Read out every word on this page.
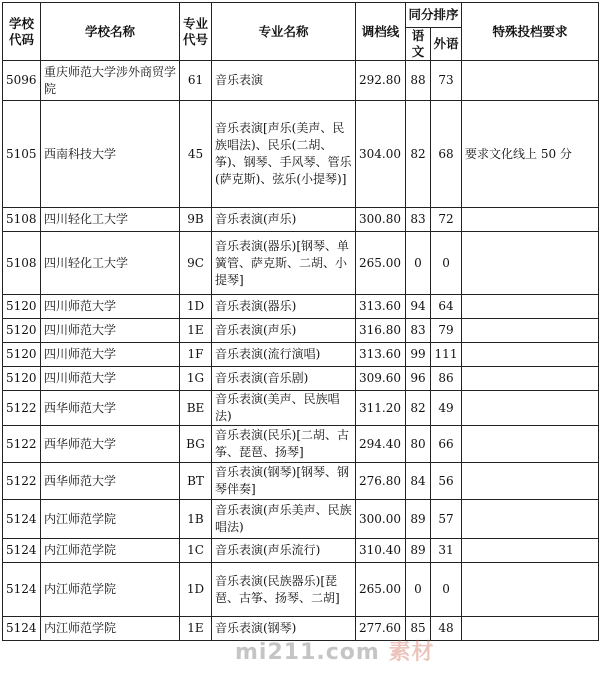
学校代码	学校名称	专业代号	专业名称	调档线	同分排序		特殊投档要求
					语文	外语	
5096	重庆师范大学涉外商贸学院	61	音乐表演	292.80	88	73	
5105	西南科技大学	45	音乐表演[声乐(美声、民族唱法)、民乐(二胡、筝)、钢琴、手风琴、管乐(萨克斯)、弦乐(小提琴)]	304.00	82	68	要求文化线上 50 分
5108	四川轻化工大学	9B	音乐表演(声乐)	300.80	83	72	
5108	四川轻化工大学	9C	音乐表演(器乐)[钢琴、单簧管、萨克斯、二胡、小提琴]	265.00	0	0	
5120	四川师范大学	1D	音乐表演(器乐)	313.60	94	64	
5120	四川师范大学	1E	音乐表演(声乐)	316.80	83	79	
5120	四川师范大学	1F	音乐表演(流行演唱)	313.60	99	111	
5120	四川师范大学	1G	音乐表演(音乐剧)	309.60	96	86	
5122	西华师范大学	BE	音乐表演(美声、民族唱法)	311.20	82	49	
5122	西华师范大学	BG	音乐表演(民乐)[二胡、古筝、琵琶、扬琴]	294.40	80	66	
5122	西华师范大学	BT	音乐表演(钢琴)[钢琴、钢琴伴奏]	276.80	84	56	
5124	内江师范学院	1B	音乐表演(声乐美声、民族唱法)	300.00	89	57	
5124	内江师范学院	1C	音乐表演(声乐流行)	310.40	89	31	
5124	内江师范学院	1D	音乐表演(民族器乐)[琵琶、古筝、扬琴、二胡]	265.00	0	0	
5124	内江师范学院	1E	音乐表演(钢琴)	277.60	85	48	
mi211.com 素材
